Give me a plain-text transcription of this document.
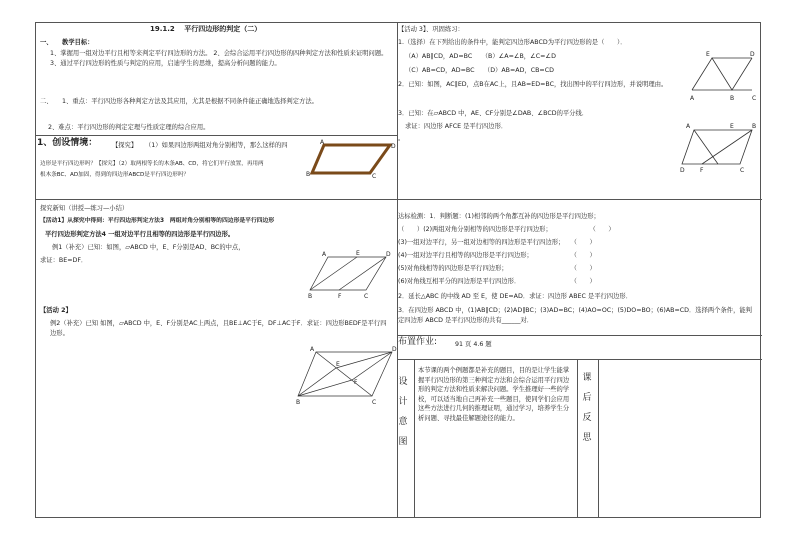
19.1.2　 平行四边形的判定（二）
一、　　教学目标：
1、掌握用一组对边平行且相等来判定平行四边形的方法。 2、会综合运用平行四边形的四种判定方法和性质来证明问题。 3、通过平行四边形的性质与判定的应用，启迪学生的思维，提高分析问题的能力。
二、　　1、重点：平行四边形各种判定方法及其应用，尤其是根据不同条件能正确地选择判定方法。
2、难点：平行四边形的判定定理与性质定理的综合应用。
1、创设情境： 【探究】 （1）如果四边形两组对角分别相等，那么这样的四
边形是平行四边形吗？【探究】（2）取两根等长的木条AB、CD，将它们平行放置，再用两
根木条BC、AD加固，得到的四边形ABCD是平行四边形吗？
A
D
B	C
探究新知（讲授—练习—小结）
【活动1】从探究中得到：平行四边形判定方法3　两组对角分别相等的四边形是平行四边形
平行四边形判定方法4 一组对边平行且相等的四边形是平行四边形。
例1（补充）已知：如图，▱ABCD 中，E、F分别是AD、BC的中点，
求证：BE=DF．
A	E	D
B	F	C
【活动 2】
例2（补充）已知 如图，▱ABCD 中，E、F分别是AC上两点，且BE⊥AC于E，DF⊥AC于F．求证：四边形BEDF是平行四边形。
A	D
E
F
B	C
【活动 3】、巩固练习：
1.（选择）在下列给出的条件中，能判定四边形ABCD为平行四边形的是（　　）．
（A）AB∥CD，AD=BC　　（B）∠A=∠B，∠C=∠D
（C）AB=CD，AD=BC　　（D）AB=AD，CB=CD
2．已知：如图，AC∥ED，点B在AC上，且AB=ED=BC，找出图中的平行四边形，并说明理由。
3．已知：在▱ABCD 中，AE、CF分别是∠DAB、∠BCD的平分线．
求证：四边形 AFCE 是平行四边形．
。
E	D
A	B	C
A	E	B
D	F	C
达标检测：1．判断题：(1)相邻的两个角都互补的四边形是平行四边形；
（　　）(2)两组对角分别相等的四边形是平行四边形；　　　　　　　（　　）
(3)一组对边平行，另一组对边相等的四边形是平行四边形；　　（　　）
(4)一组对边平行且相等的四边形是平行四边形；　　　　　　　（　　）
(5)对角线相等的四边形是平行四边形；　　　　　　　　　　　（　　）
(6)对角线互相平分的四边形是平行四边形．　　　　　　　　　（　　）
2．延长△ABC 的中线 AD 至 E，使 DE=AD．求证：四边形 ABEC 是平行四边形．
3．在四边形 ABCD 中，(1)AB∥CD；(2)AD∥BC；(3)AD=BC；(4)AO=OC；(5)DO=BO；(6)AB=CD．选择两个条件，能判定四边形 ABCD 是平行四边形的共有______对．
布置作业:	91 页 4.6 题
设
计
意
图
本节课的两个例题都是补充的题目，目的是让学生能掌握平行四边形的第三种判定方法和会综合运用平行四边形的判定方法和性质来解决问题。学生推理好一些的学校，可以适当地自己再补充一些题目，使同学们会应用这些方法进行几何的推理证明，通过学习，培养学生分析问题、寻找最佳解题途径的能力。
课
后
反
思
